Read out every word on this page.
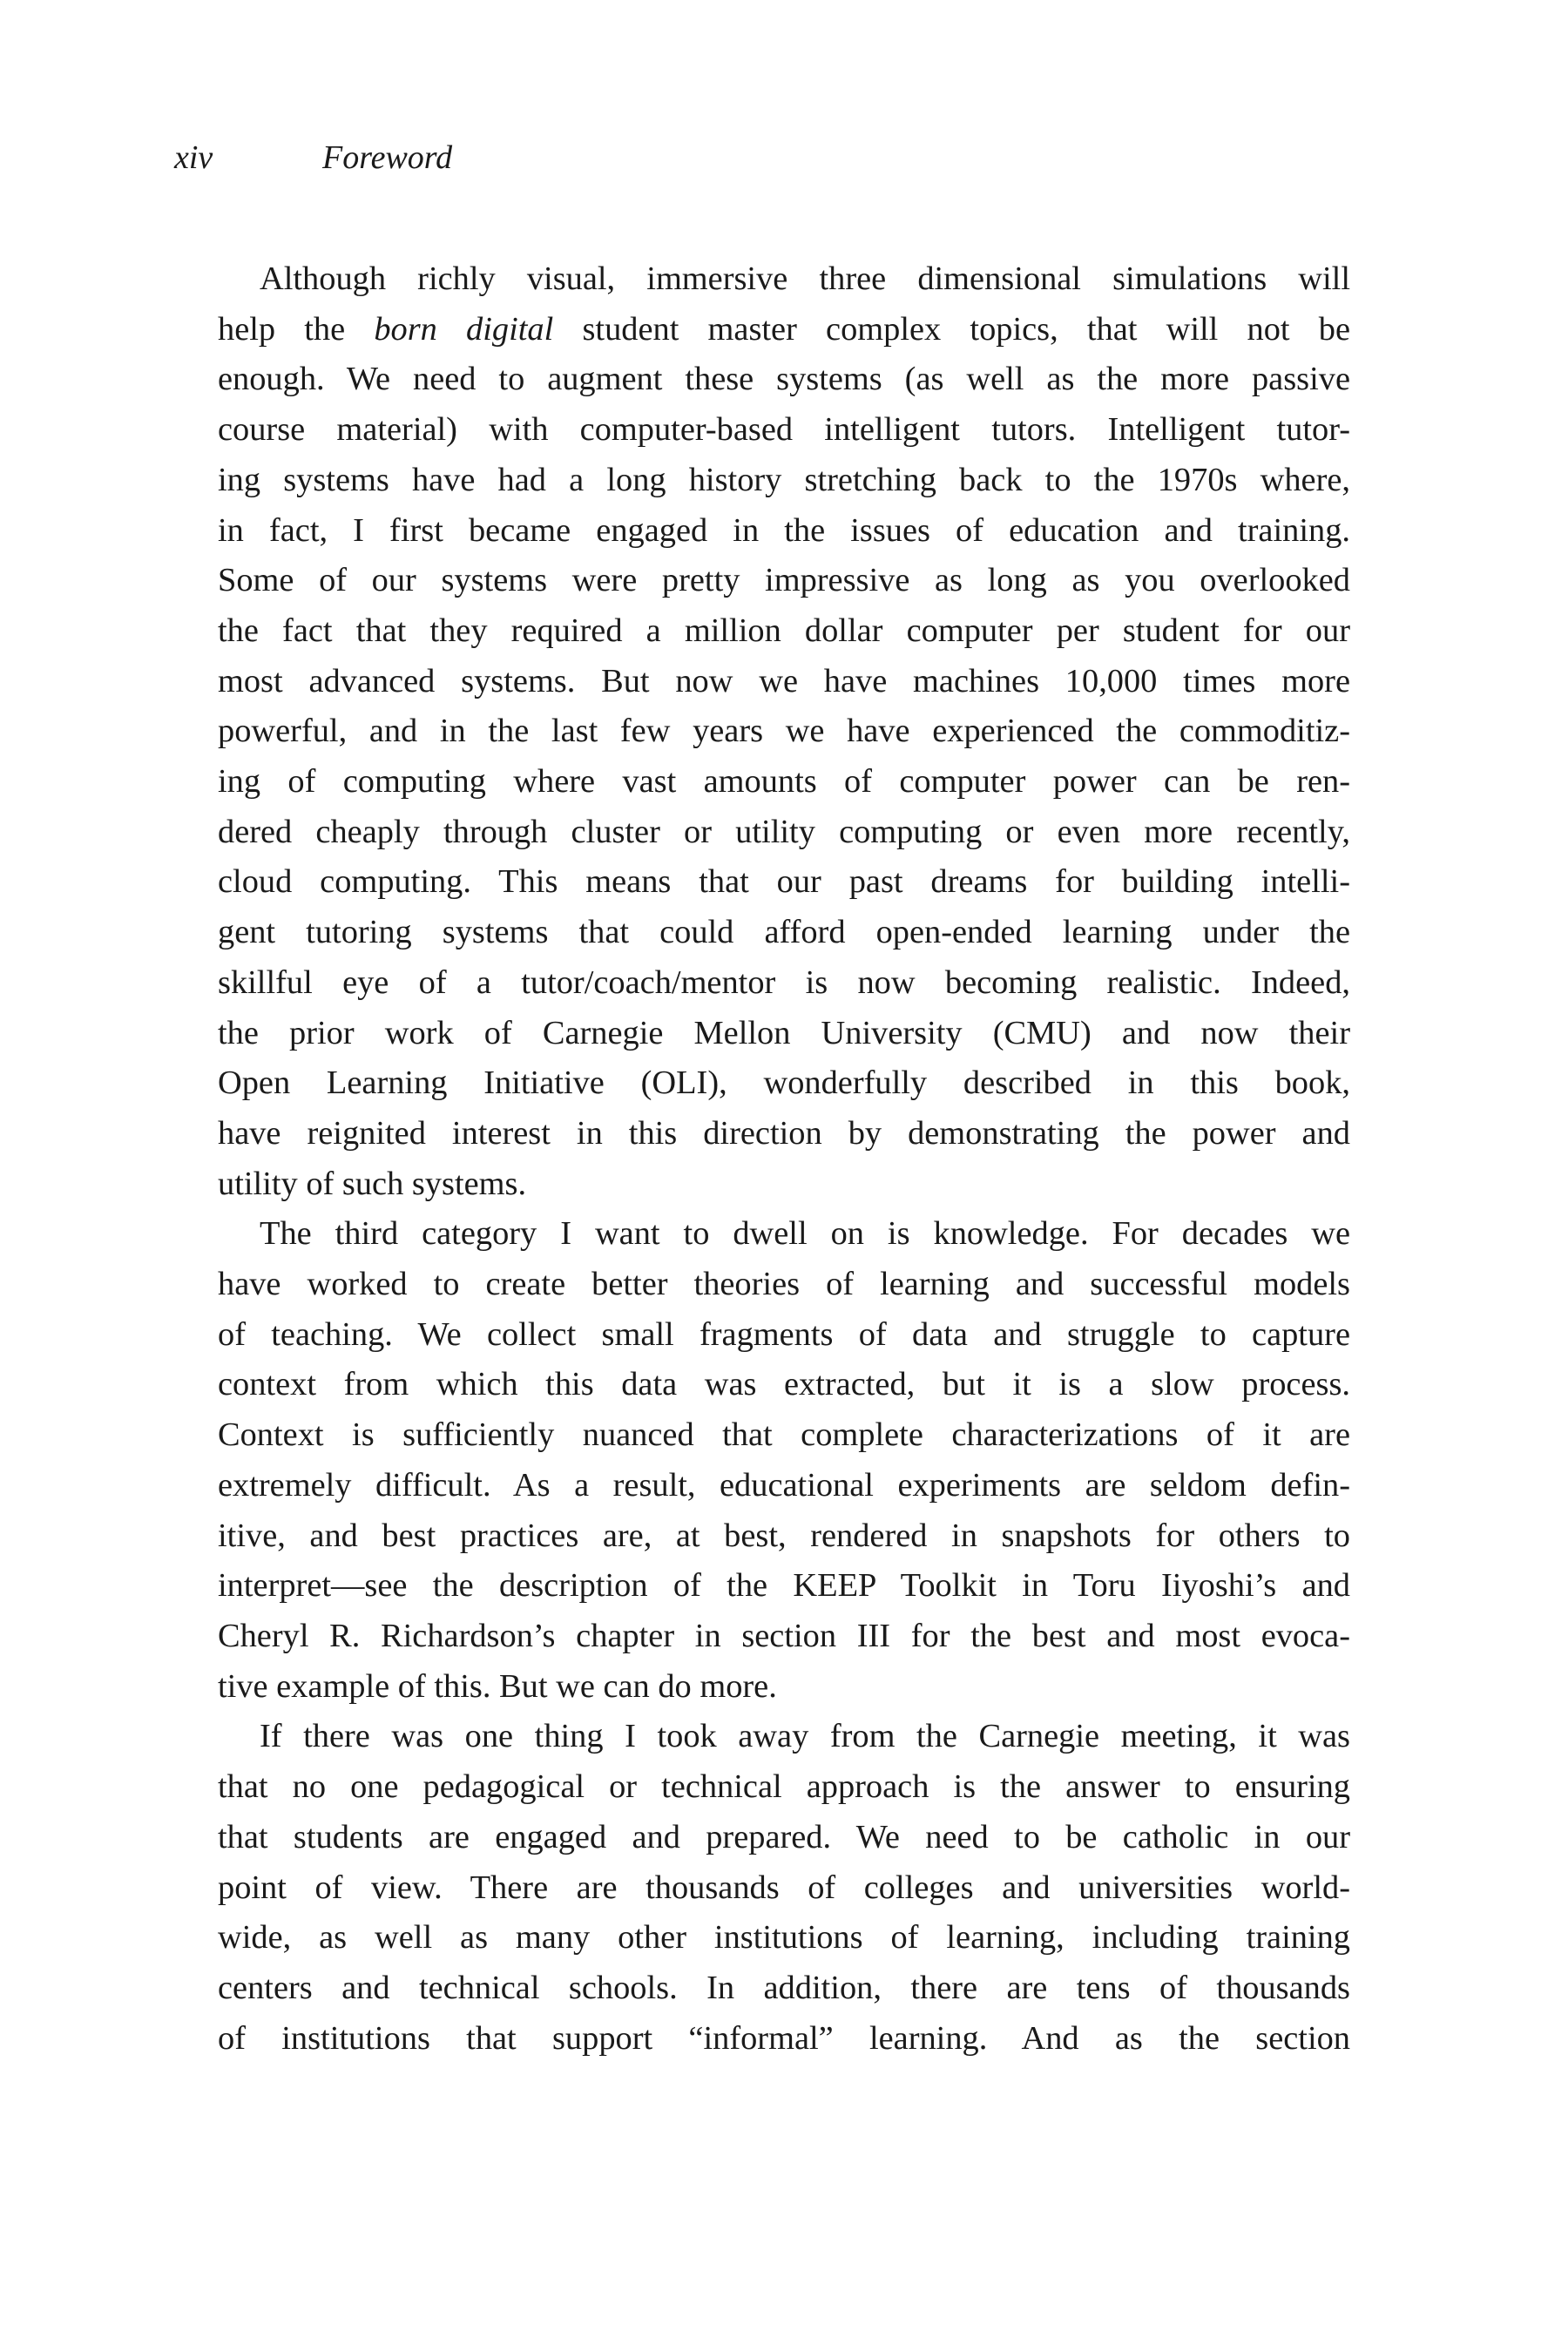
xiv	Foreword
Although richly visual, immersive three dimensional simulations will
help the born digital student master complex topics, that will not be
enough. We need to augment these systems (as well as the more passive
course material) with computer-based intelligent tutors. Intelligent tutor-
ing systems have had a long history stretching back to the 1970s where,
in fact, I first became engaged in the issues of education and training.
Some of our systems were pretty impressive as long as you overlooked
the fact that they required a million dollar computer per student for our
most advanced systems. But now we have machines 10,000 times more
powerful, and in the last few years we have experienced the commoditiz-
ing of computing where vast amounts of computer power can be ren-
dered cheaply through cluster or utility computing or even more recently,
cloud computing. This means that our past dreams for building intelli-
gent tutoring systems that could afford open-ended learning under the
skillful eye of a tutor/coach/mentor is now becoming realistic. Indeed,
the prior work of Carnegie Mellon University (CMU) and now their
Open Learning Initiative (OLI), wonderfully described in this book,
have reignited interest in this direction by demonstrating the power and
utility of such systems.
The third category I want to dwell on is knowledge. For decades we
have worked to create better theories of learning and successful models
of teaching. We collect small fragments of data and struggle to capture
context from which this data was extracted, but it is a slow process.
Context is sufficiently nuanced that complete characterizations of it are
extremely difficult. As a result, educational experiments are seldom defin-
itive, and best practices are, at best, rendered in snapshots for others to
interpret—see the description of the KEEP Toolkit in Toru Iiyoshi’s and
Cheryl R. Richardson’s chapter in section III for the best and most evoca-
tive example of this. But we can do more.
If there was one thing I took away from the Carnegie meeting, it was
that no one pedagogical or technical approach is the answer to ensuring
that students are engaged and prepared. We need to be catholic in our
point of view. There are thousands of colleges and universities world-
wide, as well as many other institutions of learning, including training
centers and technical schools. In addition, there are tens of thousands
of institutions that support “informal” learning. And as the section
